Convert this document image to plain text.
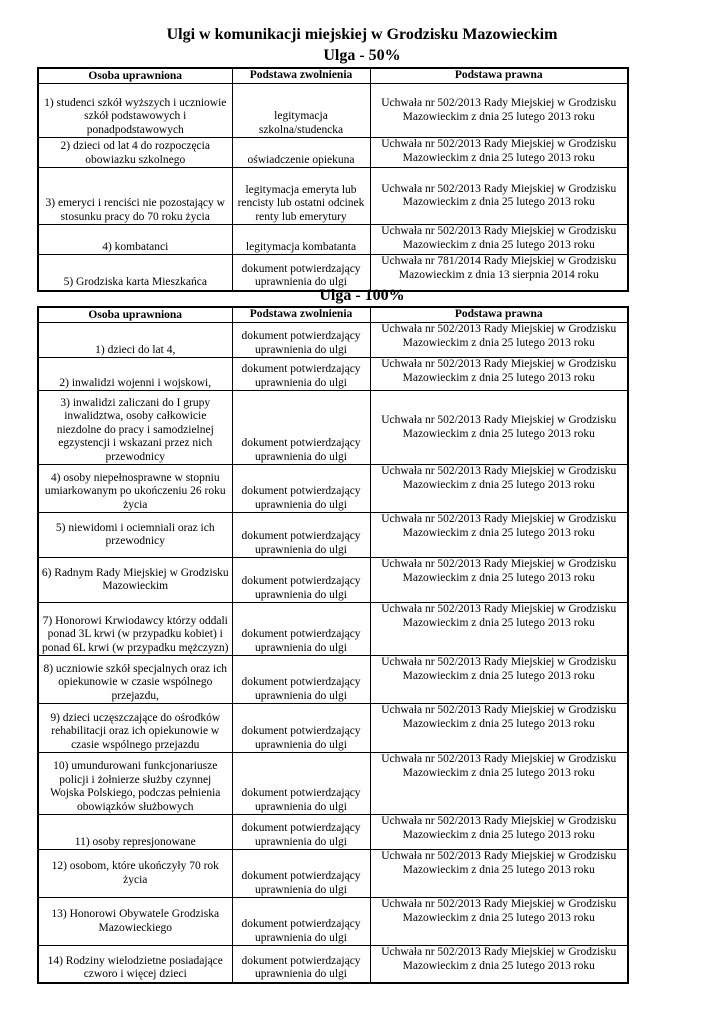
Ulgi w komunikacji miejskiej w Grodzisku Mazowieckim
Ulga - 50%
Osoba uprawniona	Podstawa zwolnienia	Podstawa prawna
1) studenci szkół wyższych i uczniowie szkół podstawowych i ponadpodstawowych	legitymacja szkolna/studencka	Uchwała nr 502/2013 Rady Miejskiej w Grodzisku Mazowieckim z dnia 25 lutego 2013 roku
2) dzieci od lat 4 do rozpoczęcia obowiazku szkolnego	oświadczenie opiekuna	Uchwała nr 502/2013 Rady Miejskiej w Grodzisku Mazowieckim z dnia 25 lutego 2013 roku
3) emeryci i renciści nie pozostający w stosunku pracy do 70 roku życia	legitymacja emeryta lub rencisty lub ostatni odcinek renty lub emerytury	Uchwała nr 502/2013 Rady Miejskiej w Grodzisku Mazowieckim z dnia 25 lutego 2013 roku
4) kombatanci	legitymacja kombatanta	Uchwała nr 502/2013 Rady Miejskiej w Grodzisku Mazowieckim z dnia 25 lutego 2013 roku
5) Grodziska karta Mieszkańca	dokument potwierdzający uprawnienia do ulgi	Uchwała nr 781/2014 Rady Miejskiej w Grodzisku Mazowieckim z dnia 13 sierpnia 2014 roku
Ulga - 100%
Osoba uprawniona	Podstawa zwolnienia	Podstawa prawna
1) dzieci do lat 4,	dokument potwierdzający uprawnienia do ulgi	Uchwała nr 502/2013 Rady Miejskiej w Grodzisku Mazowieckim z dnia 25 lutego 2013 roku
2) inwalidzi wojenni i wojskowi,	dokument potwierdzający uprawnienia do ulgi	Uchwała nr 502/2013 Rady Miejskiej w Grodzisku Mazowieckim z dnia 25 lutego 2013 roku
3) inwalidzi zaliczani do I grupy inwalidztwa, osoby całkowicie niezdolne do pracy i samodzielnej egzystencji i wskazani przez nich przewodnicy	dokument potwierdzający uprawnienia do ulgi	Uchwała nr 502/2013 Rady Miejskiej w Grodzisku Mazowieckim z dnia 25 lutego 2013 roku
4) osoby niepełnosprawne w stopniu umiarkowanym po ukończeniu 26 roku życia	dokument potwierdzający uprawnienia do ulgi	Uchwała nr 502/2013 Rady Miejskiej w Grodzisku Mazowieckim z dnia 25 lutego 2013 roku
5) niewidomi i ociemniali oraz ich przewodnicy	dokument potwierdzający uprawnienia do ulgi	Uchwała nr 502/2013 Rady Miejskiej w Grodzisku Mazowieckim z dnia 25 lutego 2013 roku
6) Radnym Rady Miejskiej w Grodzisku Mazowieckim	dokument potwierdzający uprawnienia do ulgi	Uchwała nr 502/2013 Rady Miejskiej w Grodzisku Mazowieckim z dnia 25 lutego 2013 roku
7) Honorowi Krwiodawcy którzy oddali ponad 3L krwi (w przypadku kobiet) i ponad 6L krwi (w przypadku mężczyzn)	dokument potwierdzający uprawnienia do ulgi	Uchwała nr 502/2013 Rady Miejskiej w Grodzisku Mazowieckim z dnia 25 lutego 2013 roku
8) uczniowie szkół specjalnych oraz ich opiekunowie w czasie wspólnego przejazdu,	dokument potwierdzający uprawnienia do ulgi	Uchwała nr 502/2013 Rady Miejskiej w Grodzisku Mazowieckim z dnia 25 lutego 2013 roku
9) dzieci uczęszczające do ośrodków rehabilitacji oraz ich opiekunowie w czasie wspólnego przejazdu	dokument potwierdzający uprawnienia do ulgi	Uchwała nr 502/2013 Rady Miejskiej w Grodzisku Mazowieckim z dnia 25 lutego 2013 roku
10) umundurowani funkcjonariusze policji i żołnierze służby czynnej Wojska Polskiego, podczas pełnienia obowiązków służbowych	dokument potwierdzający uprawnienia do ulgi	Uchwała nr 502/2013 Rady Miejskiej w Grodzisku Mazowieckim z dnia 25 lutego 2013 roku
11) osoby represjonowane	dokument potwierdzający uprawnienia do ulgi	Uchwała nr 502/2013 Rady Miejskiej w Grodzisku Mazowieckim z dnia 25 lutego 2013 roku
12) osobom, które ukończyły 70 rok życia	dokument potwierdzający uprawnienia do ulgi	Uchwała nr 502/2013 Rady Miejskiej w Grodzisku Mazowieckim z dnia 25 lutego 2013 roku
13) Honorowi Obywatele Grodziska Mazowieckiego	dokument potwierdzający uprawnienia do ulgi	Uchwała nr 502/2013 Rady Miejskiej w Grodzisku Mazowieckim z dnia 25 lutego 2013 roku
14) Rodziny wielodzietne posiadające czworo i więcej dzieci	dokument potwierdzający uprawnienia do ulgi	Uchwała nr 502/2013 Rady Miejskiej w Grodzisku Mazowieckim z dnia 25 lutego 2013 roku
